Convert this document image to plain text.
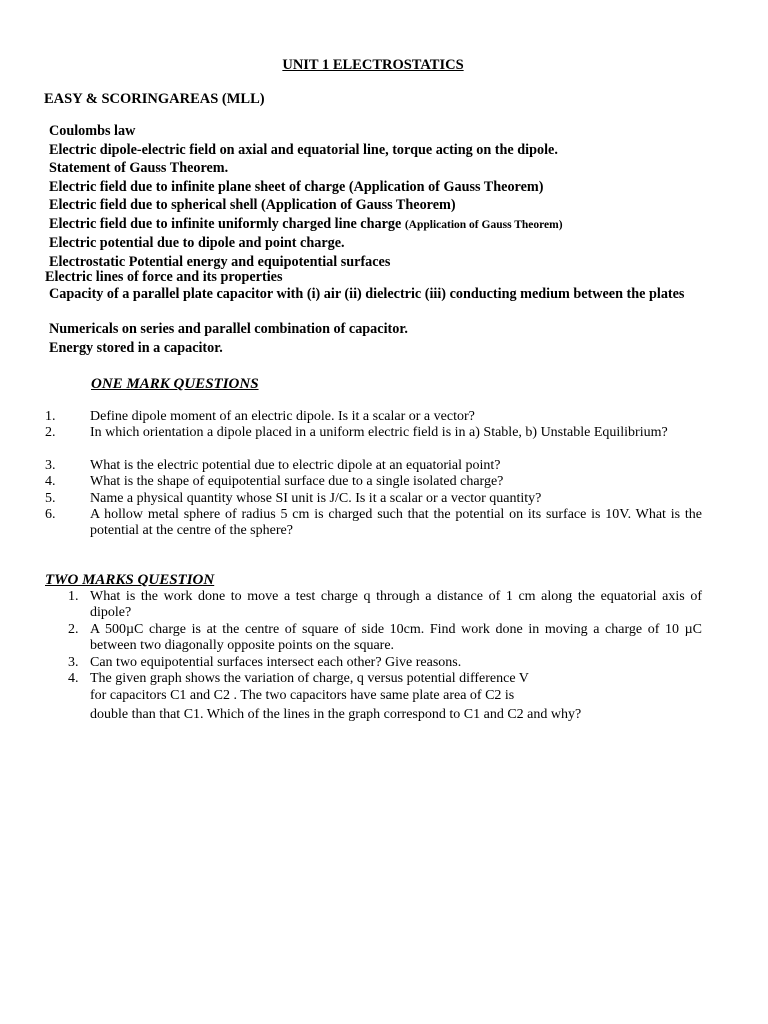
UNIT 1 ELECTROSTATICS
EASY & SCORINGAREAS (MLL)
Coulombs law
Electric dipole-electric field on axial and equatorial line, torque acting on the dipole.
Statement of Gauss Theorem.
Electric field due to infinite plane sheet of charge (Application of Gauss Theorem)
Electric field due to spherical shell (Application of Gauss Theorem)
Electric field due to infinite uniformly charged line charge (Application of Gauss Theorem)
Electric potential due to dipole and point charge.
Electrostatic Potential energy and equipotential surfaces
Electric lines of force and its properties
Capacity of a parallel plate capacitor with (i) air (ii) dielectric (iii) conducting medium between the plates
Numericals on series and parallel combination of capacitor.
Energy stored in a capacitor.
ONE MARK QUESTIONS
1. Define dipole moment of an electric dipole. Is it a scalar or a vector?
2. In which orientation a dipole placed in a uniform electric field is in a) Stable, b) Unstable Equilibrium?
3. What is the electric potential due to electric dipole at an equatorial point?
4. What is the shape of equipotential surface due to a single isolated charge?
5. Name a physical quantity whose SI unit is J/C. Is it a scalar or a vector quantity?
6. A hollow metal sphere of radius 5 cm is charged such that the potential on its surface is 10V. What is the potential at the centre of the sphere?
TWO MARKS QUESTION
1. What is the work done to move a test charge q through a distance of 1 cm along the equatorial axis of dipole?
2. A 500µC charge is at the centre of square of side 10cm. Find work done in moving a charge of 10 µC between two diagonally opposite points on the square.
3. Can two equipotential surfaces intersect each other? Give reasons.
4. The given graph shows the variation of charge, q versus potential difference V
for capacitors C1 and C2 . The two capacitors have same plate area of C2 is
double than that C1. Which of the lines in the graph correspond to C1 and C2 and why?
